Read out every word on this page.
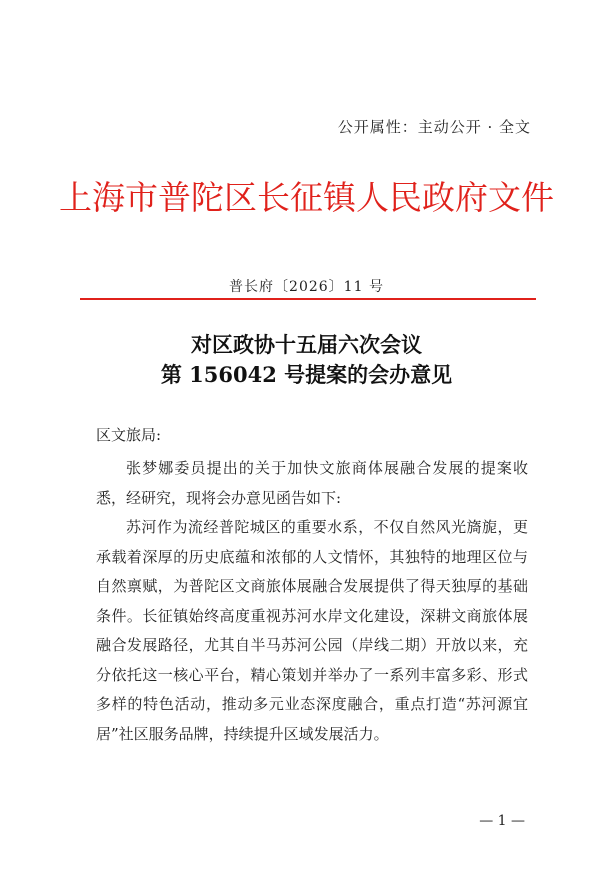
公开属性：主动公开 · 全文
上海市普陀区长征镇人民政府文件
普长府〔2026〕11 号
对区政协十五届六次会议
第 156042 号提案的会办意见
区文旅局:

张梦娜委员提出的关于加快文旅商体展融合发展的提案收悉，经研究，现将会办意见函告如下:

苏河作为流经普陀城区的重要水系，不仅自然风光旖旎，更承载着深厚的历史底蕴和浓郁的人文情怀，其独特的地理区位与自然禀赋，为普陀区文商旅体展融合发展提供了得天独厚的基础条件。长征镇始终高度重视苏河水岸文化建设，深耕文商旅体展融合发展路径，尤其自半马苏河公园（岸线二期）开放以来，充分依托这一核心平台，精心策划并举办了一系列丰富多彩、形式多样的特色活动，推动多元业态深度融合，重点打造“苏河源宜居”社区服务品牌，持续提升区域发展活力。

— 1 —
